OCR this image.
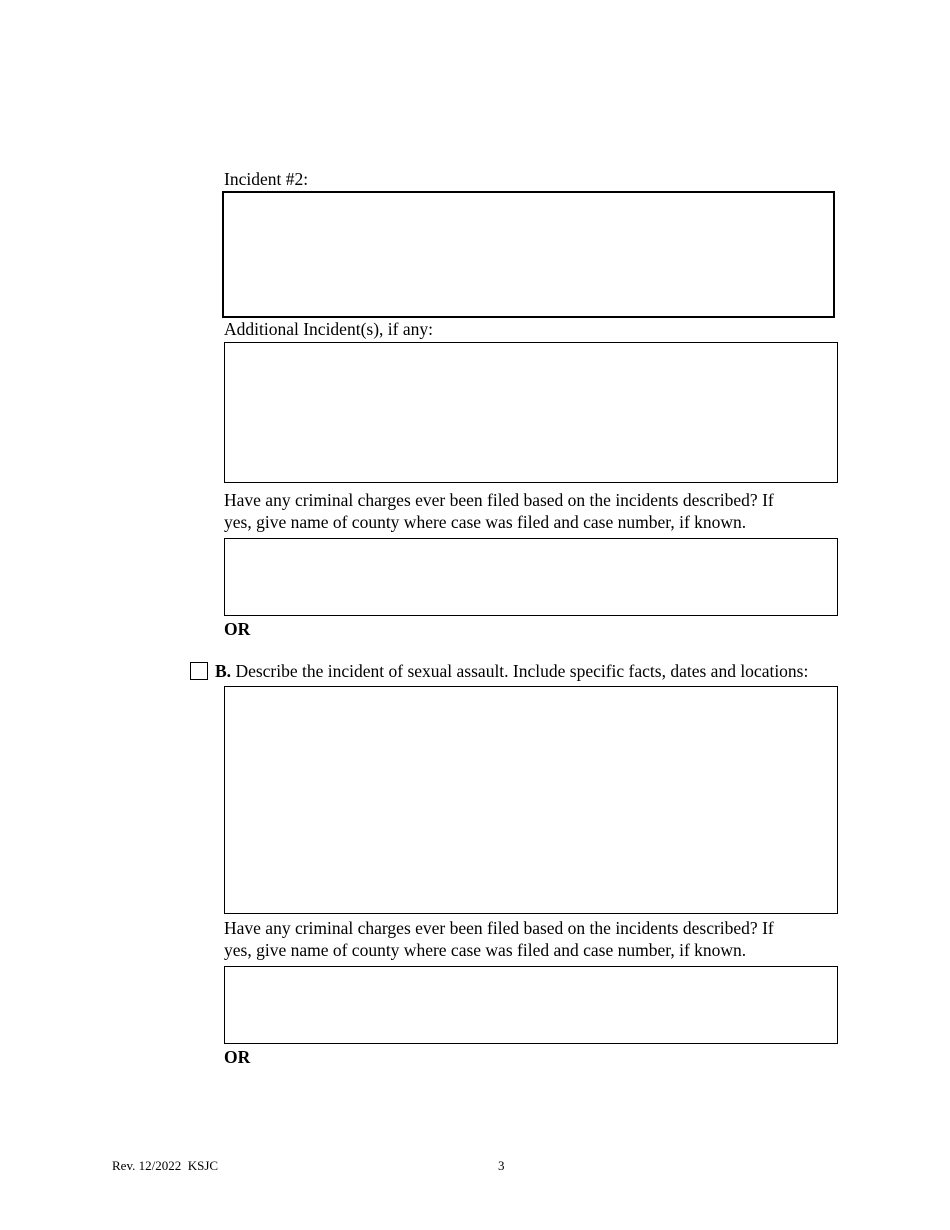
Incident #2:

Additional Incident(s), if any:

Have any criminal charges ever been filed based on the incidents described? If

yes, give name of county where case was filed and case number, if known.

OR

B. Describe the incident of sexual assault. Include specific facts, dates and locations:

Have any criminal charges ever been filed based on the incidents described? If

yes, give name of county where case was filed and case number, if known.

OR

Rev. 12/2022  KSJC	3
